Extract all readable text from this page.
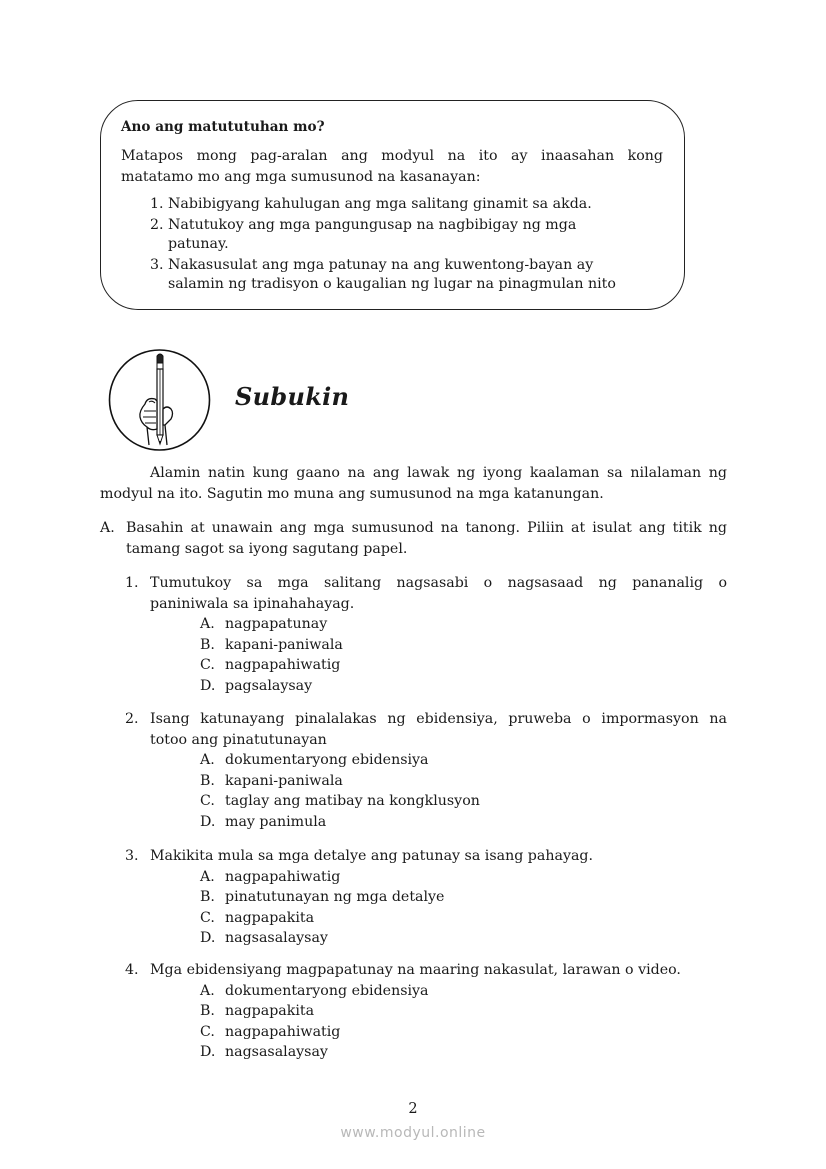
Ano ang matututuhan mo?
Matapos mong pag-aralan ang modyul na ito ay inaasahan kong
matatamo mo ang mga sumusunod na kasanayan:
1. Nabibigyang kahulugan ang mga salitang ginamit sa akda.
2. Natutukoy ang mga pangungusap na nagbibigay ng mga
patunay.
3. Nakasusulat ang mga patunay na ang kuwentong-bayan ay
salamin ng tradisyon o kaugalian ng lugar na pinagmulan nito
Subukin
Alamin natin kung gaano na ang lawak ng iyong kaalaman sa nilalaman ng
modyul na ito. Sagutin mo muna ang sumusunod na mga katanungan.
A. Basahin at unawain ang mga sumusunod na tanong. Piliin at isulat ang titik ng
tamang sagot sa iyong sagutang papel.
1. Tumutukoy sa mga salitang nagsasabi o nagsasaad ng pananalig o
paniniwala sa ipinahahayag.
A. nagpapatunay
B. kapani-paniwala
C. nagpapahiwatig
D. pagsalaysay
2. Isang katunayang pinalalakas ng ebidensiya, pruweba o impormasyon na
totoo ang pinatutunayan
A. dokumentaryong ebidensiya
B. kapani-paniwala
C. taglay ang matibay na kongklusyon
D. may panimula
3. Makikita mula sa mga detalye ang patunay sa isang pahayag.
A. nagpapahiwatig
B. pinatutunayan ng mga detalye
C. nagpapakita
D. nagsasalaysay
4. Mga ebidensiyang magpapatunay na maaring nakasulat, larawan o video.
A. dokumentaryong ebidensiya
B. nagpapakita
C. nagpapahiwatig
D. nagsasalaysay
2
www.modyul.online
